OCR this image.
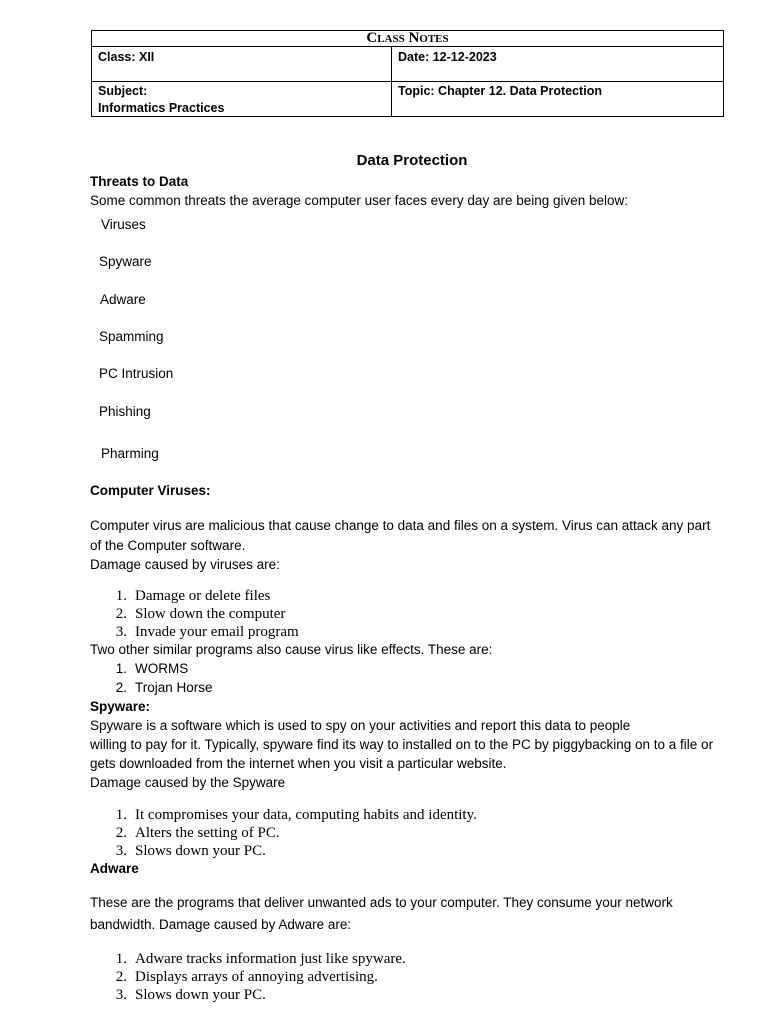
Class Notes
Class: XII	Date: 12-12-2023
Subject:
Informatics Practices
Topic: Chapter 12. Data Protection
Data Protection
Threats to Data
Some common threats the average computer user faces every day are being given below:
Viruses
Spyware
Adware
Spamming
PC Intrusion
Phishing
Pharming
Computer Viruses:
Computer virus are malicious that cause change to data and files on a system. Virus can attack any part
of the Computer software.
Damage caused by viruses are:
1. Damage or delete files
2. Slow down the computer
3. Invade your email program
Two other similar programs also cause virus like effects. These are:
1. WORMS
2. Trojan Horse
Spyware:
Spyware is a software which is used to spy on your activities and report this data to people
willing to pay for it. Typically, spyware find its way to installed on to the PC by piggybacking on to a file or
gets downloaded from the internet when you visit a particular website.
Damage caused by the Spyware
1. It compromises your data, computing habits and identity.
2. Alters the setting of PC.
3. Slows down your PC.
Adware
These are the programs that deliver unwanted ads to your computer. They consume your network
bandwidth. Damage caused by Adware are:
1. Adware tracks information just like spyware.
2. Displays arrays of annoying advertising.
3. Slows down your PC.
